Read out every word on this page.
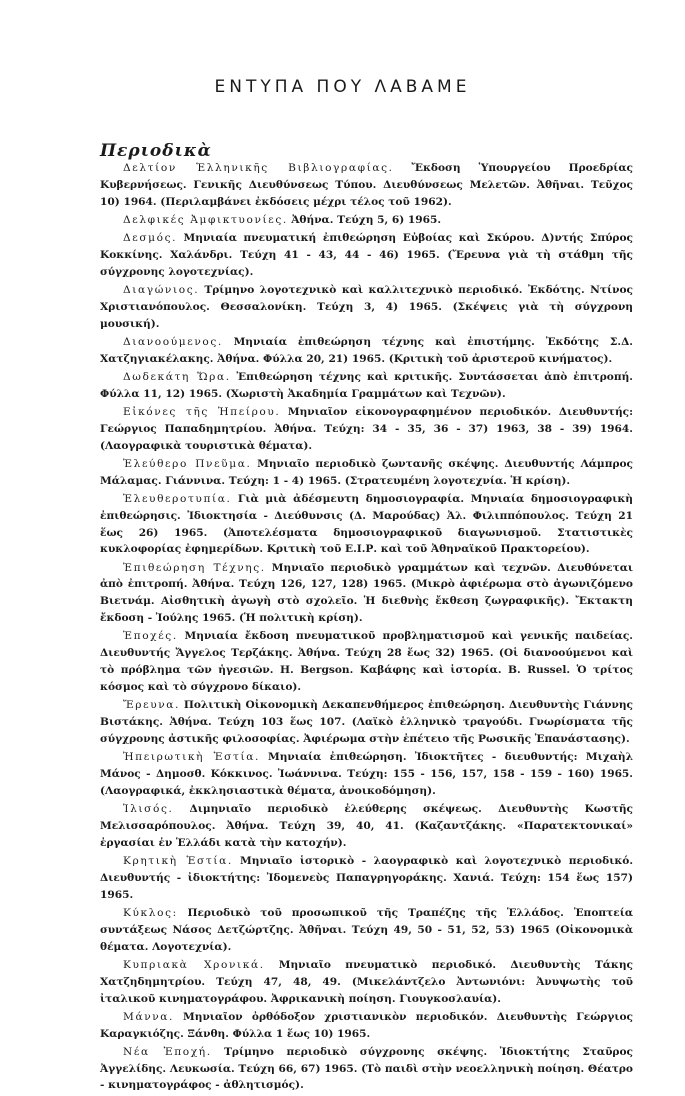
ΕΝΤΥΠΑ ΠΟΥ ΛΑΒΑΜΕ
Περιοδικὰ

Δελτίον Ἑλληνικῆς Βιβλιογραφίας. Ἔκδοση Ὑπουργείου Προεδρίας Κυβερνήσεως. Γενικῆς Διευθύνσεως Τύπου. Διευθύνσεως Μελετῶν. Ἀθῆναι. Τεῦχος 10) 1964. (Περιλαμβάνει ἐκδόσεις μέχρι τέλος τοῦ 1962).

Δελφικές Ἀμφικτυονίες. Ἀθήνα. Τεύχη 5, 6) 1965.

Δεσμός. Μηνιαία πνευματική ἐπιθεώρηση Εὐβοίας καὶ Σκύρου. Δ)ντής Σπύρος Κοκκίνης. Χαλάνδρι. Τεύχη 41 - 43, 44 - 46) 1965. (Ἔρευνα γιὰ τὴ στάθμη τῆς σύγχρονης λογοτεχνίας).

Διαγώνιος. Τρίμηνο λογοτεχνικὸ καὶ καλλιτεχνικὸ περιοδικό. Ἐκδότης. Ντίνος Χριστιανόπουλος. Θεσσαλονίκη. Τεύχη 3, 4) 1965. (Σκέψεις γιὰ τὴ σύγχρονη μουσική).

Διανοούμενος. Μηνιαία ἐπιθεώρηση τέχνης καὶ ἐπιστήμης. Ἐκδότης Σ.Δ. Χατζηγιακέλακης. Ἀθήνα. Φύλλα 20, 21) 1965. (Κριτικὴ τοῦ ἀριστεροῦ κινήματος).

Δωδεκάτη Ὥρα. Ἐπιθεώρηση τέχνης καὶ κριτικῆς. Συντάσσεται ἀπὸ ἐπιτροπή. Φύλλα 11, 12) 1965. (Χωριστὴ Ἀκαδημία Γραμμάτων καὶ Τεχνῶν).

Εἰκόνες τῆς Ἠπείρου. Μηνιαῖον εἰκονογραφημένον περιοδικόν. Διευθυντής: Γεώργιος Παπαδημητρίου. Ἀθήνα. Τεύχη: 34 - 35, 36 - 37) 1963, 38 - 39) 1964. (Λαογραφικὰ τουριστικὰ θέματα).

Ἐλεύθερο Πνεῦμα. Μηνιαῖο περιοδικὸ ζωντανῆς σκέψης. Διευθυντής Λάμπρος Μάλαμας. Γιάννινα. Τεύχη: 1 - 4) 1965. (Στρατευμένη λογοτεχνία. Ἡ κρίση).

Ἐλευθεροτυπία. Γιὰ μιὰ ἀδέσμευτη δημοσιογραφία. Μηνιαία δημοσιογραφικὴ ἐπιθεώρησις. Ἰδιοκτησία - Διεύθυνσις (Δ. Μαρούδας) Ἀλ. Φιλιππόπουλος. Τεύχη 21 ἕως 26) 1965. (Ἀποτελέσματα δημοσιογραφικοῦ διαγωνισμοῦ. Στατιστικὲς κυκλοφορίας ἐφημερίδων. Κριτικὴ τοῦ Ε.Ι.Ρ. καὶ τοῦ Ἀθηναϊκοῦ Πρακτορείου).

Ἐπιθεώρηση Τέχνης. Μηνιαῖο περιοδικὸ γραμμάτων καὶ τεχνῶν. Διευθύνεται ἀπὸ ἐπιτροπή. Ἀθήνα. Τεύχη 126, 127, 128) 1965. (Μικρὸ ἀφιέρωμα στὸ ἀγωνιζόμενο Βιετνάμ. Αἰσθητικὴ ἀγωγὴ στὸ σχολεῖο. Ἡ διεθνὴς ἔκθεση ζωγραφικῆς). Ἔκτακτη ἔκδοση - Ἰούλης 1965. (Ἡ πολιτικὴ κρίση).

Ἐποχές. Μηνιαία ἔκδοση πνευματικοῦ προβληματισμοῦ καὶ γενικῆς παιδείας. Διευθυντής Ἄγγελος Τερζάκης. Ἀθήνα. Τεύχη 28 ἕως 32) 1965. (Οἱ διανοούμενοι καὶ τὸ πρόβλημα τῶν ἡγεσιῶν. H. Bergson. Καβάφης καὶ ἱστορία. B. Russel. Ὁ τρίτος κόσμος καὶ τὸ σύγχρονο δίκαιο).

Ἔρευνα. Πολιτικὴ Οἰκονομικὴ Δεκαπενθήμερος ἐπιθεώρηση. Διευθυντὴς Γιάννης Βιστάκης. Ἀθήνα. Τεύχη 103 ἕως 107. (Λαϊκὸ ἑλληνικὸ τραγούδι. Γνωρίσματα τῆς σύγχρονης ἀστικῆς φιλοσοφίας. Ἀφιέρωμα στὴν ἐπέτειο τῆς Ρωσικῆς Ἐπανάστασης).

Ἠπειρωτικὴ Ἑστία. Μηνιαία ἐπιθεώρηση. Ἰδιοκτῆτες - διευθυντής: Μιχαὴλ Μάνος - Δημοσθ. Κόκκινος. Ἰωάννινα. Τεύχη: 155 - 156, 157, 158 - 159 - 160) 1965. (Λαογραφικά, ἐκκλησιαστικὰ θέματα, ἀνοικοδόμηση).

Ἰλισός. Διμηνιαῖο περιοδικὸ ἐλεύθερης σκέψεως. Διευθυντὴς Κωστῆς Μελισσαρόπουλος. Ἀθήνα. Τεύχη 39, 40, 41. (Καζαντζάκης. «Παρατεκτονικαί» ἐργασίαι ἐν Ἑλλάδι κατὰ τὴν κατοχήν).

Κρητικὴ Ἑστία. Μηνιαῖο ἱστορικὸ - λαογραφικὸ καὶ λογοτεχνικὸ περιοδικό. Διευθυντής - ἰδιοκτήτης: Ἰδομενεὺς Παπαγρηγοράκης. Χανιά. Τεύχη: 154 ἕως 157) 1965.

Κύκλος: Περιοδικὸ τοῦ προσωπικοῦ τῆς Τραπέζης τῆς Ἑλλάδος. Ἐποπτεία συντάξεως Νάσος Δετζώρτζης. Ἀθῆναι. Τεύχη 49, 50 - 51, 52, 53) 1965 (Οἰκονομικὰ θέματα. Λογοτεχνία).

Κυπριακὰ Χρονικά. Μηνιαῖο πνευματικὸ περιοδικό. Διευθυντὴς Τάκης Χατζηδημητρίου. Τεύχη 47, 48, 49. (Μικελάντζελο Ἀντωνιόνι: Ἀνυψωτὴς τοῦ ἰταλικοῦ κινηματογράφου. Ἀφρικανικὴ ποίηση. Γιουγκοσλαυία).

Μάννα. Μηνιαῖον ὀρθόδοξον χριστιανικὸν περιοδικόν. Διευθυντὴς Γεώργιος Καραγκιόζης. Ξάνθη. Φύλλα 1 ἕως 10) 1965.

Νέα Ἐποχή. Τρίμηνο περιοδικὸ σύγχρονης σκέψης. Ἰδιοκτήτης Σταῦρος Ἀγγελίδης. Λευκωσία. Τεύχη 66, 67) 1965. (Τὸ παιδὶ στὴν νεοελληνικὴ ποίηση. Θέατρο - κινηματογράφος - ἀθλητισμός).
